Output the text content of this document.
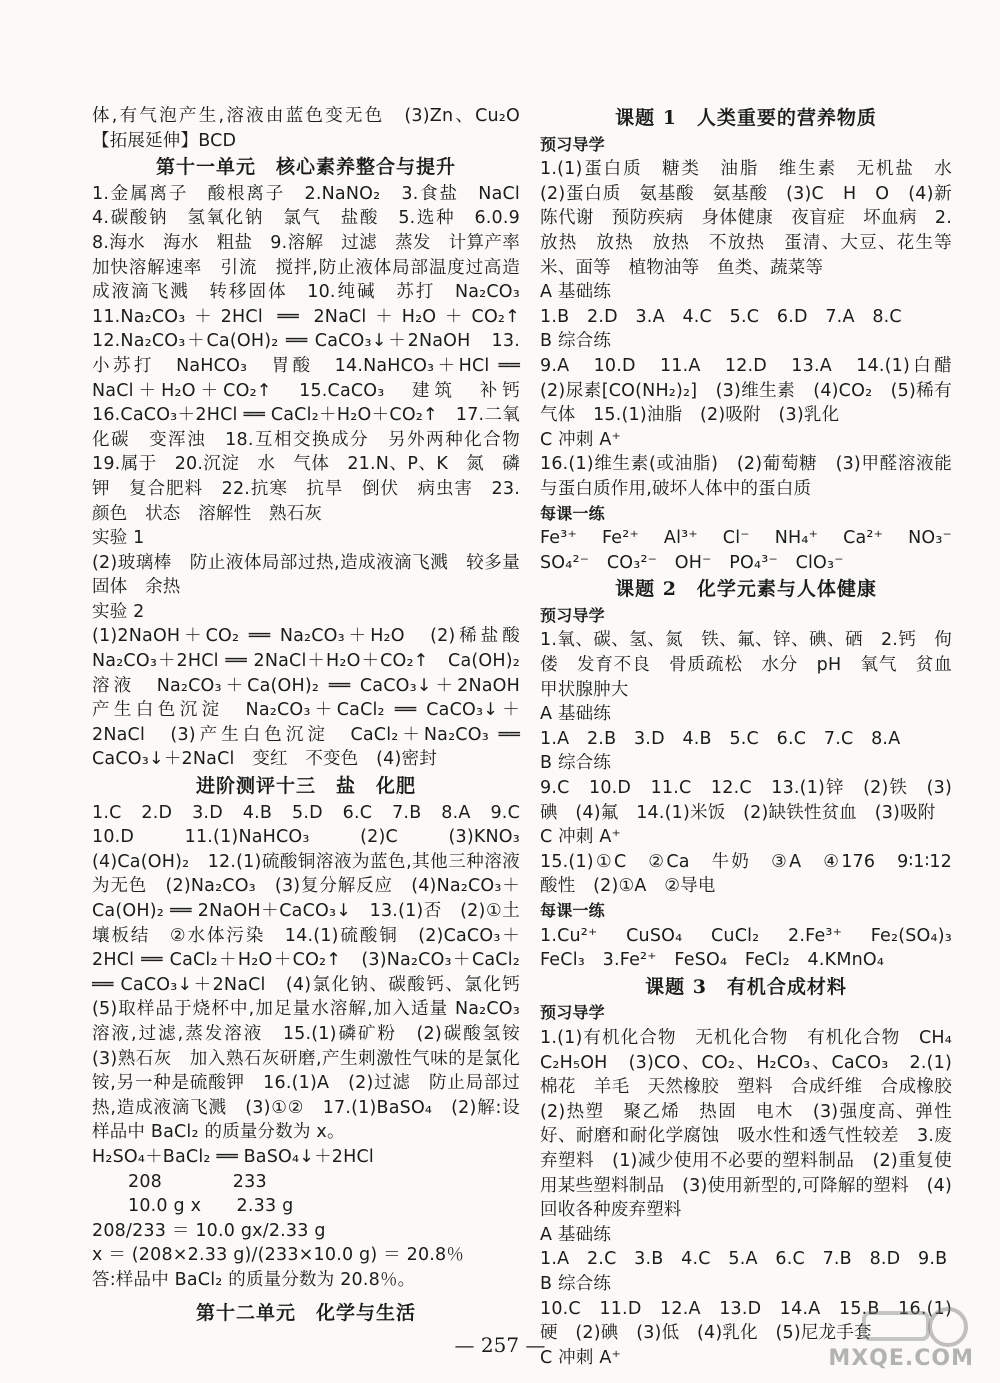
体,有气泡产生,溶液由蓝色变无色　(3)Zn、Cu₂O　【拓展延伸】BCD

第十一单元　核心素养整合与提升

1.金属离子　酸根离子　2.NaNO₂　3.食盐　NaCl　4.碳酸钠　氢氧化钠　氯气　盐酸　5.选种　6.0.9　8.海水　海水　粗盐　9.溶解　过滤　蒸发　计算产率　加快溶解速率　引流　搅拌,防止液体局部温度过高造成液滴飞溅　转移固体　10.纯碱　苏打　Na₂CO₃　11.Na₂CO₃＋2HCl ══ 2NaCl＋H₂O＋CO₂↑　12.Na₂CO₃＋Ca(OH)₂ ══ CaCO₃↓＋2NaOH　13.小苏打　NaHCO₃　胃酸　14.NaHCO₃＋HCl ══ NaCl＋H₂O＋CO₂↑　15.CaCO₃　建筑　补钙　16.CaCO₃＋2HCl ══ CaCl₂＋H₂O＋CO₂↑　17.二氧化碳　变浑浊　18.互相交换成分　另外两种化合物　19.属于　20.沉淀　水　气体　21.N、P、K　氮　磷　钾　复合肥料　22.抗寒　抗旱　倒伏　病虫害　23.颜色　状态　溶解性　熟石灰

实验 1

(2)玻璃棒　防止液体局部过热,造成液滴飞溅　较多量固体　余热

实验 2

(1)2NaOH＋CO₂ ══ Na₂CO₃＋H₂O　(2)稀盐酸　Na₂CO₃＋2HCl ══ 2NaCl＋H₂O＋CO₂↑　Ca(OH)₂溶液　Na₂CO₃＋Ca(OH)₂ ══ CaCO₃↓＋2NaOH　产生白色沉淀　Na₂CO₃＋CaCl₂ ══ CaCO₃↓＋2NaCl　(3)产生白色沉淀　CaCl₂＋Na₂CO₃ ══ CaCO₃↓＋2NaCl　变红　不变色　(4)密封

进阶测评十三　盐　化肥

1.C　2.D　3.D　4.B　5.D　6.C　7.B　8.A　9.C　10.D　11.(1)NaHCO₃　(2)C　(3)KNO₃　(4)Ca(OH)₂　12.(1)硫酸铜溶液为蓝色,其他三种溶液为无色　(2)Na₂CO₃　(3)复分解反应　(4)Na₂CO₃＋Ca(OH)₂ ══ 2NaOH＋CaCO₃↓　13.(1)否　(2)①土壤板结　②水体污染　14.(1)硫酸铜　(2)CaCO₃＋2HCl ══ CaCl₂＋H₂O＋CO₂↑　(3)Na₂CO₃＋CaCl₂ ══ CaCO₃↓＋2NaCl　(4)氯化钠、碳酸钙、氯化钙　(5)取样品于烧杯中,加足量水溶解,加入适量 Na₂CO₃ 溶液,过滤,蒸发溶液　15.(1)磷矿粉　(2)碳酸氢铵　(3)熟石灰　加入熟石灰研磨,产生刺激性气味的是氯化铵,另一种是硫酸钾　16.(1)A　(2)过滤　防止局部过热,造成液滴飞溅　(3)①②　17.(1)BaSO₄　(2)解:设样品中 BaCl₂ 的质量分数为 x。

H₂SO₄＋BaCl₂ ══ BaSO₄↓＋2HCl

208　　　　233

10.0 g x　　2.33 g

208/233 ＝ 10.0 gx/2.33 g

x ＝ (208×2.33 g)/(233×10.0 g) ＝ 20.8％

答:样品中 BaCl₂ 的质量分数为 20.8％。

第十二单元　化学与生活
课题 1　人类重要的营养物质

预习导学

1.(1)蛋白质　糖类　油脂　维生素　无机盐　水　(2)蛋白质　氨基酸　氨基酸　(3)C　H　O　(4)新陈代谢　预防疾病　身体健康　夜盲症　坏血病　2.放热　放热　放热　不放热　蛋清、大豆、花生等　米、面等　植物油等　鱼类、蔬菜等

A 基础练

1.B　2.D　3.A　4.C　5.C　6.D　7.A　8.C

B 综合练

9.A　10.D　11.A　12.D　13.A　14.(1)白醋　(2)尿素[CO(NH₂)₂]　(3)维生素　(4)CO₂　(5)稀有气体　15.(1)油脂　(2)吸附　(3)乳化

C 冲刺 A⁺

16.(1)维生素(或油脂)　(2)葡萄糖　(3)甲醛溶液能与蛋白质作用,破坏人体中的蛋白质

每课一练

Fe³⁺　Fe²⁺　Al³⁺　Cl⁻　NH₄⁺　Ca²⁺　NO₃⁻　SO₄²⁻　CO₃²⁻　OH⁻　PO₄³⁻　ClO₃⁻

课题 2　化学元素与人体健康

预习导学

1.氧、碳、氢、氮　铁、氟、锌、碘、硒　2.钙　佝偻　发育不良　骨质疏松　水分　pH　氧气　贫血　甲状腺肿大

A 基础练

1.A　2.B　3.D　4.B　5.C　6.C　7.C　8.A

B 综合练

9.C　10.D　11.C　12.C　13.(1)锌　(2)铁　(3)碘　(4)氟　14.(1)米饭　(2)缺铁性贫血　(3)吸附

C 冲刺 A⁺

15.(1)①C　②Ca　牛奶　③A　④176　9∶1∶12　酸性　(2)①A　②导电

每课一练

1.Cu²⁺　CuSO₄　CuCl₂　2.Fe³⁺　Fe₂(SO₄)₃　FeCl₃　3.Fe²⁺　FeSO₄　FeCl₂　4.KMnO₄

课题 3　有机合成材料

预习导学

1.(1)有机化合物　无机化合物　有机化合物　CH₄　C₂H₅OH　(3)CO、CO₂、H₂CO₃、CaCO₃　2.(1)棉花　羊毛　天然橡胶　塑料　合成纤维　合成橡胶　(2)热塑　聚乙烯　热固　电木　(3)强度高、弹性好、耐磨和耐化学腐蚀　吸水性和透气性较差　3.废弃塑料　(1)减少使用不必要的塑料制品　(2)重复使用某些塑料制品　(3)使用新型的,可降解的塑料　(4)回收各种废弃塑料

A 基础练

1.A　2.C　3.B　4.C　5.A　6.C　7.B　8.D　9.B

B 综合练

10.C　11.D　12.A　13.D　14.A　15.B　16.(1)硬　(2)碘　(3)低　(4)乳化　(5)尼龙手套

C 冲刺 A⁺

— 257 —
MXQE.COM
